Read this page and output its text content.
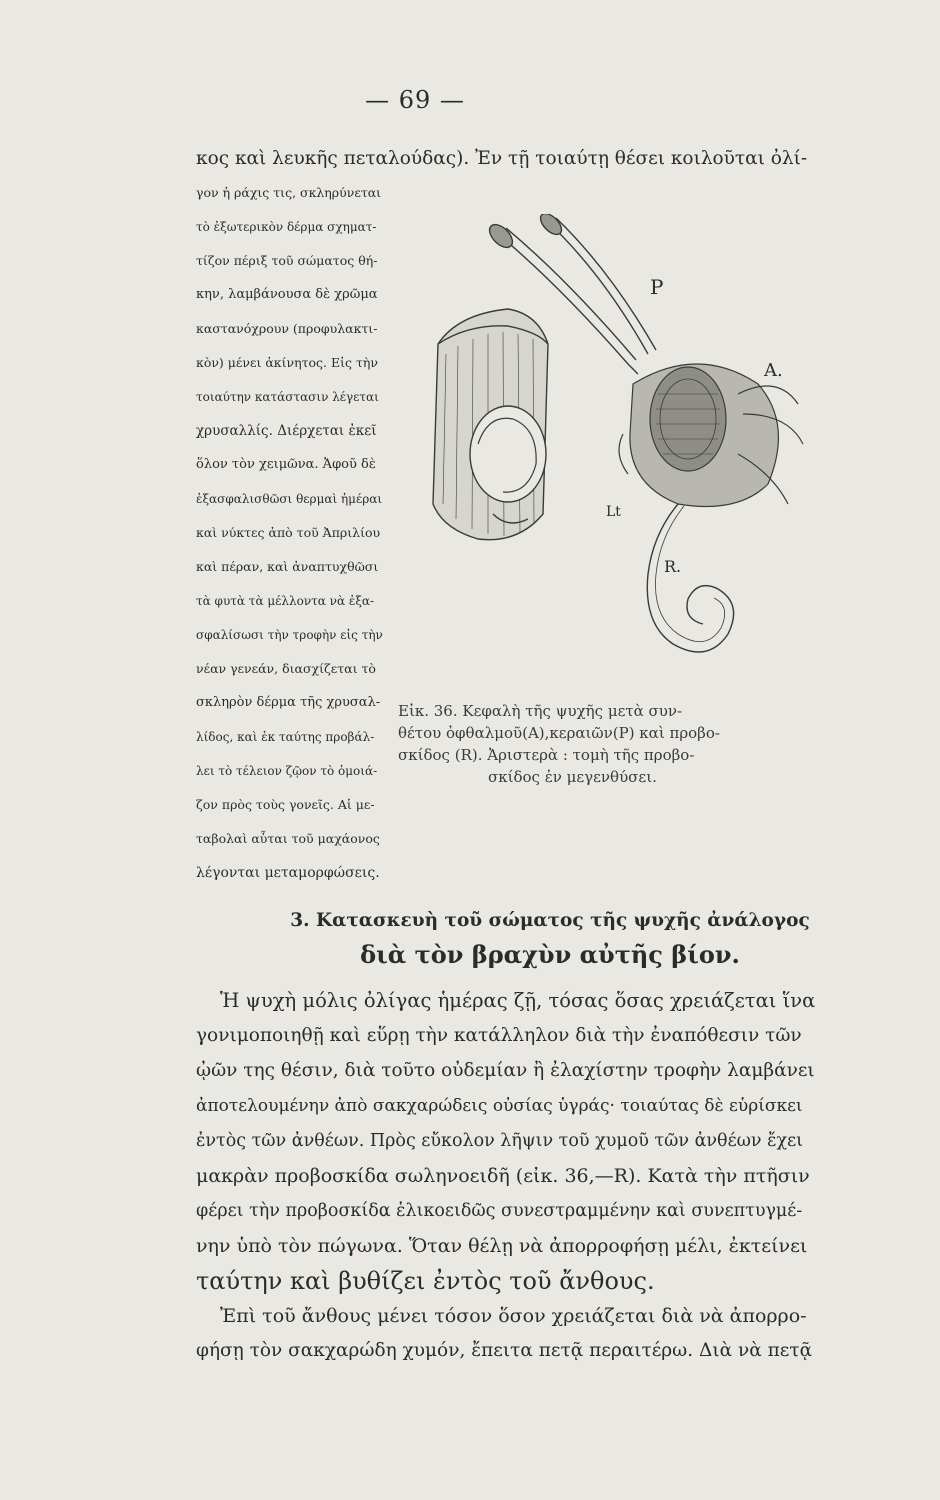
— 69 —
κος καὶ λευκῆς πεταλούδας). Ἐν τῇ τοιαύτῃ θέσει κοιλοῦται ὀλί-
γον ἡ ράχις τις, σκληρύνεται
τὸ ἐξωτερικὸν δέρμα σχηματ-
τίζον πέριξ τοῦ σώματος θή-
κην, λαμβάνουσα δὲ χρῶμα
καστανόχρουν (προφυλακτι-
κὸν) μένει ἀκίνητος. Εἰς τὴν
τοιαύτην κατάστασιν λέγεται
χρυσαλλίς. Διέρχεται ἐκεῖ
ὅλον τὸν χειμῶνα. Ἀφοῦ δὲ
ἐξασφαλισθῶσι θερμαὶ ἡμέραι
καὶ νύκτες ἀπὸ τοῦ Ἀπριλίου
καὶ πέραν, καὶ ἀναπτυχθῶσι
τὰ φυτὰ τὰ μέλλοντα νὰ ἐξα-
σφαλίσωσι τὴν τροφὴν εἰς τὴν
νέαν γενεάν, διασχίζεται τὸ
σκληρὸν δέρμα τῆς χρυσαλ-
λίδος, καὶ ἐκ ταύτης προβάλ-
λει τὸ τέλειον ζῷον τὸ ὁμοιά-
ζον πρὸς τοὺς γονεῖς. Αἱ με-
ταβολαὶ αὗται τοῦ μαχάονος
λέγονται μεταμορφώσεις.
P
A.
Lt
R.
Εἰκ. 36. Κεφαλὴ τῆς ψυχῆς μετὰ συν-
θέτου ὀφθαλμοῦ(A),κεραιῶν(P) καὶ προβο-
σκίδος (R). Ἀριστερὰ : τομὴ τῆς προβο-
σκίδος ἐν μεγενθύσει.
3. Κατασκευὴ τοῦ σώματος τῆς ψυχῆς ἀνάλογος
διὰ τὸν βραχὺν αὐτῆς βίον.
Ἡ ψυχὴ μόλις ὀλίγας ἡμέρας ζῇ, τόσας ὅσας χρειάζεται ἵνα
γονιμοποιηθῇ καὶ εὕρῃ τὴν κατάλληλον διὰ τὴν ἐναπόθεσιν τῶν
ᾠῶν της θέσιν, διὰ τοῦτο οὐδεμίαν ἢ ἐλαχίστην τροφὴν λαμβάνει
ἀποτελουμένην ἀπὸ σακχαρώδεις οὐσίας ὑγράς· τοιαύτας δὲ εὑρίσκει
ἐντὸς τῶν ἀνθέων. Πρὸς εὔκολον λῆψιν τοῦ χυμοῦ τῶν ἀνθέων ἔχει
μακρὰν προβοσκίδα σωληνοειδῆ (εἰκ. 36,—R). Κατὰ τὴν πτῆσιν
φέρει τὴν προβοσκίδα ἑλικοειδῶς συνεστραμμένην καὶ συνεπτυγμέ-
νην ὑπὸ τὸν πώγωνα. Ὅταν θέλῃ νὰ ἀπορροφήσῃ μέλι, ἐκτείνει
ταύτην καὶ βυθίζει ἐντὸς τοῦ ἄνθους.
Ἐπὶ τοῦ ἄνθους μένει τόσον ὅσον χρειάζεται διὰ νὰ ἀπορρο-
φήσῃ τὸν σακχαρώδη χυμόν, ἔπειτα πετᾷ περαιτέρω. Διὰ νὰ πετᾷ
